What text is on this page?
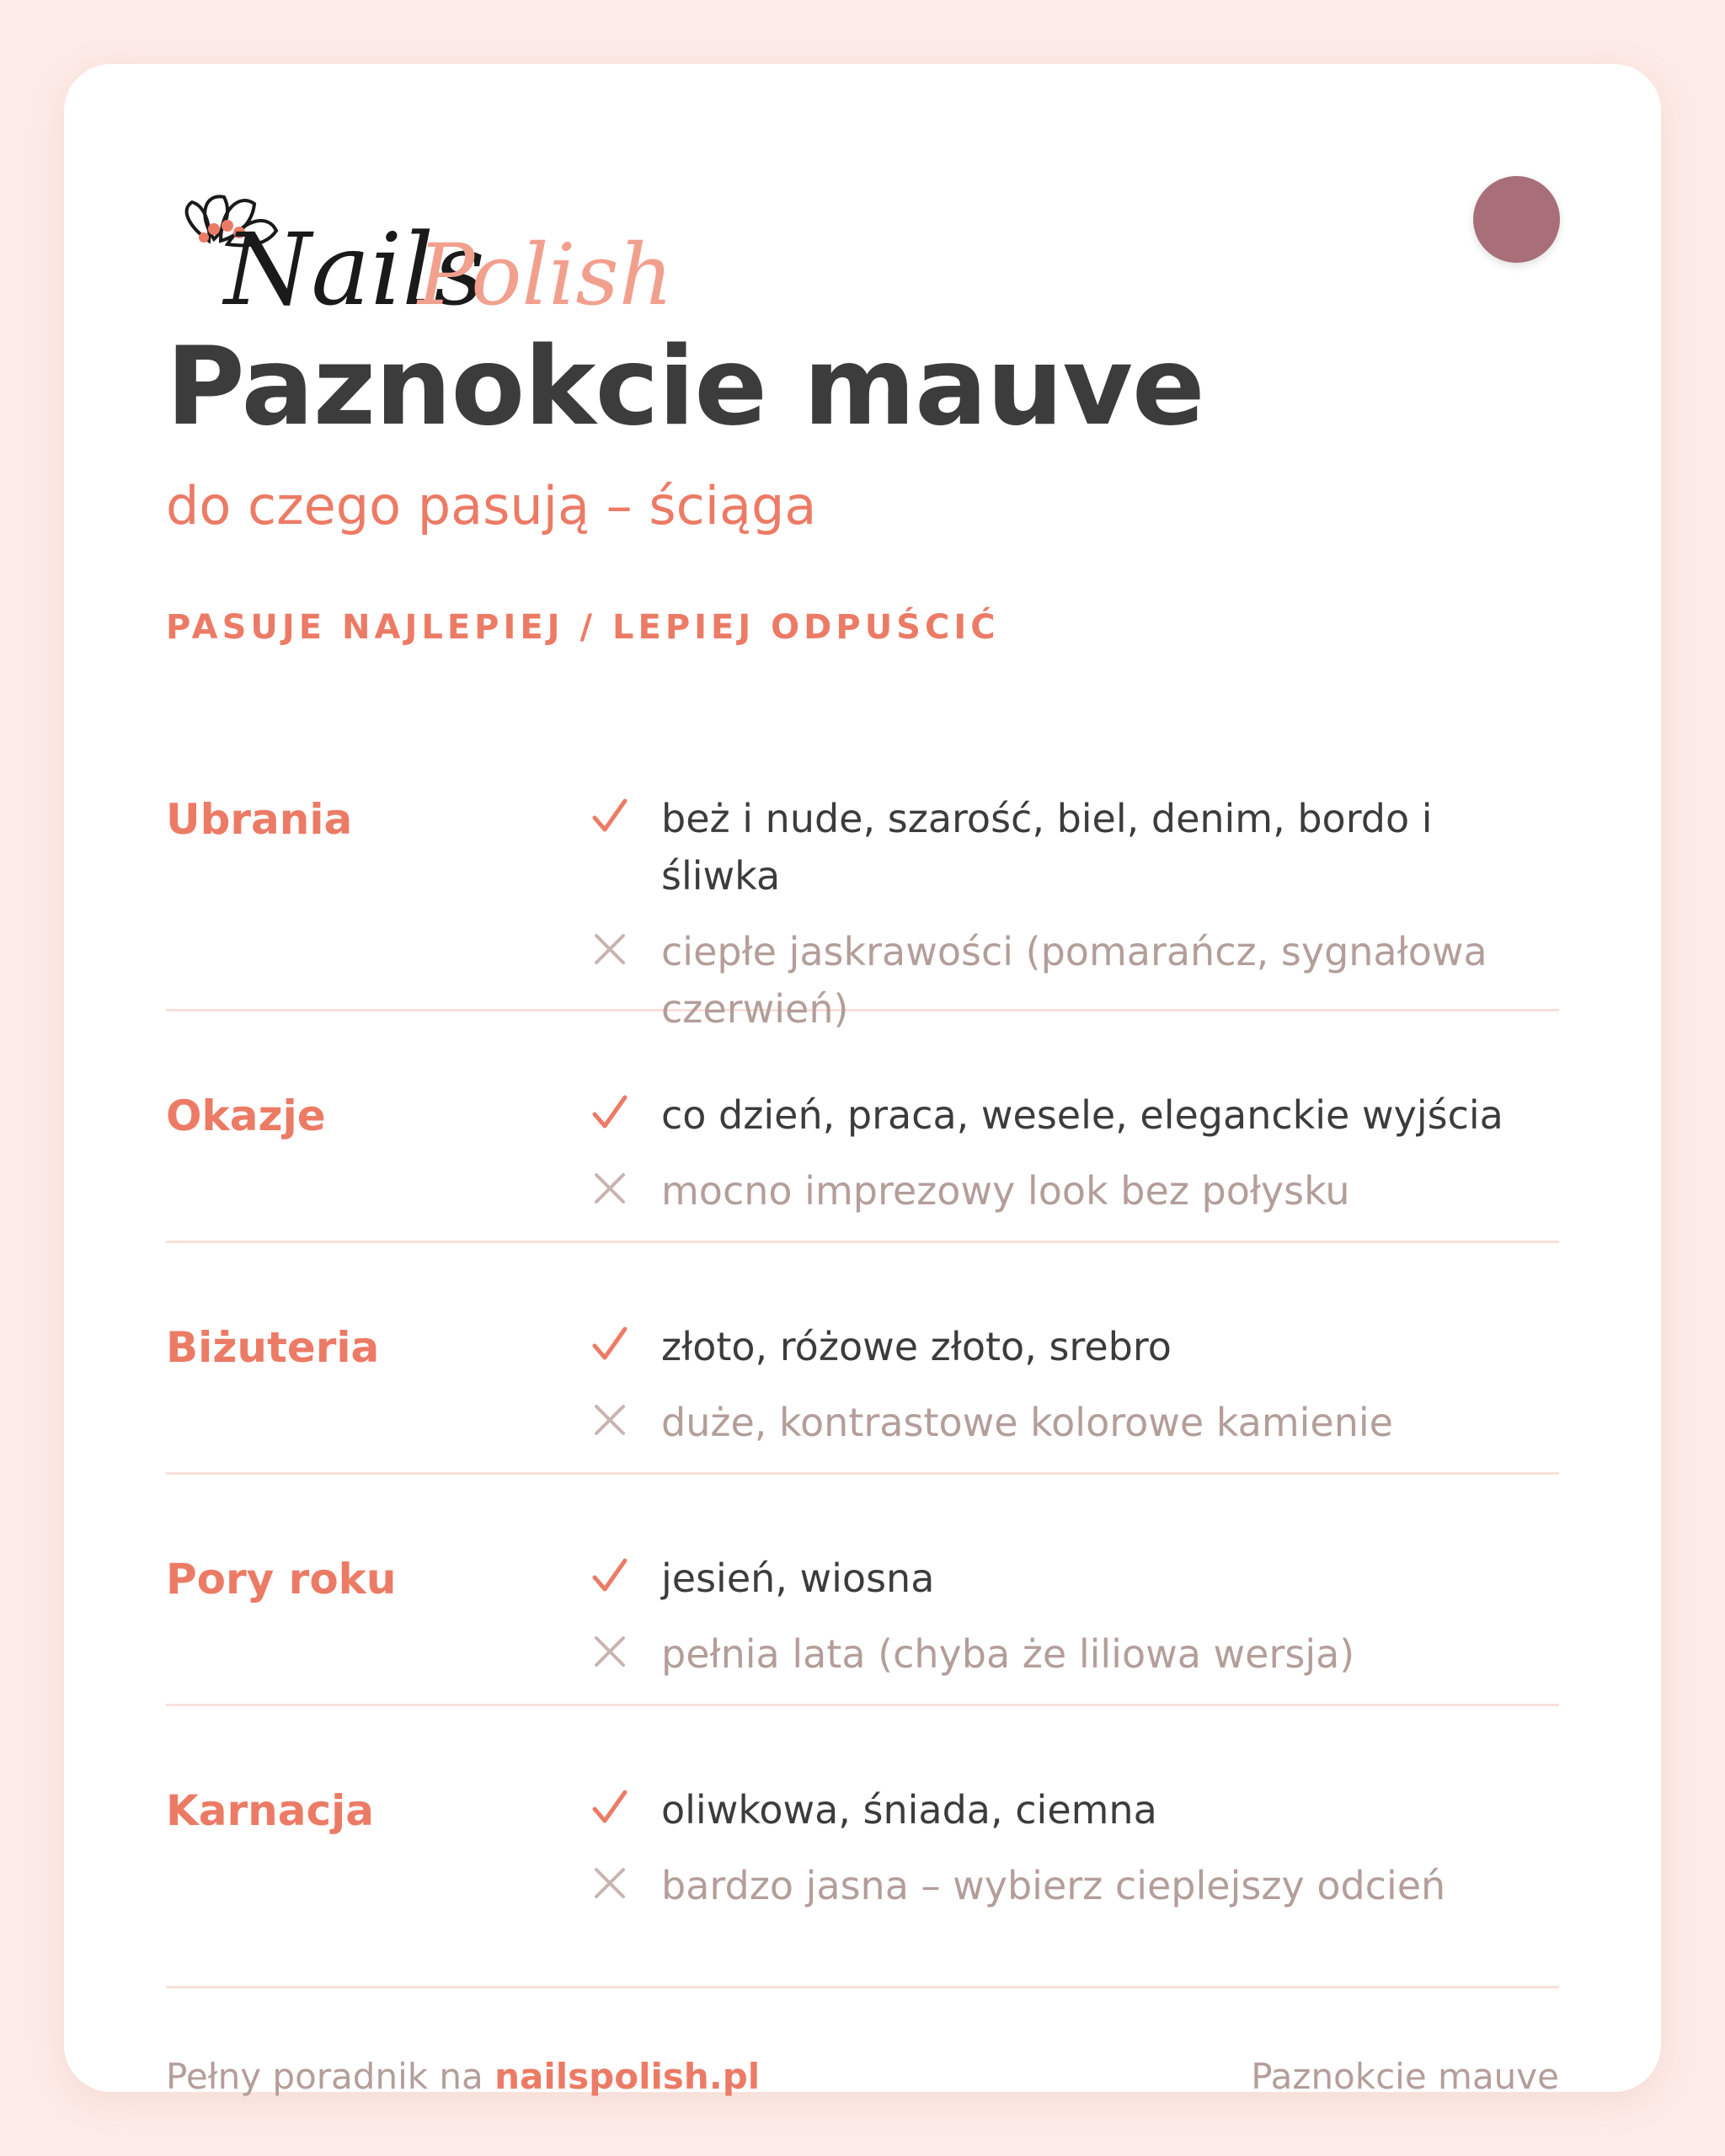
Nails
Polish
Paznokcie mauve
do czego pasują – ściąga
PASUJE NAJLEPIEJ / LEPIEJ ODPUŚCIĆ
Ubrania	beż i nude, szarość, biel, denim, bordo i śliwka
ciepłe jaskrawości (pomarańcz, sygnałowa czerwień)
Okazje	co dzień, praca, wesele, eleganckie wyjścia
mocno imprezowy look bez połysku
Biżuteria	złoto, różowe złoto, srebro
duże, kontrastowe kolorowe kamienie
Pory roku	jesień, wiosna
pełnia lata (chyba że liliowa wersja)
Karnacja	oliwkowa, śniada, ciemna
bardzo jasna – wybierz cieplejszy odcień
Pełny poradnik na nailspolish.pl	Paznokcie mauve
